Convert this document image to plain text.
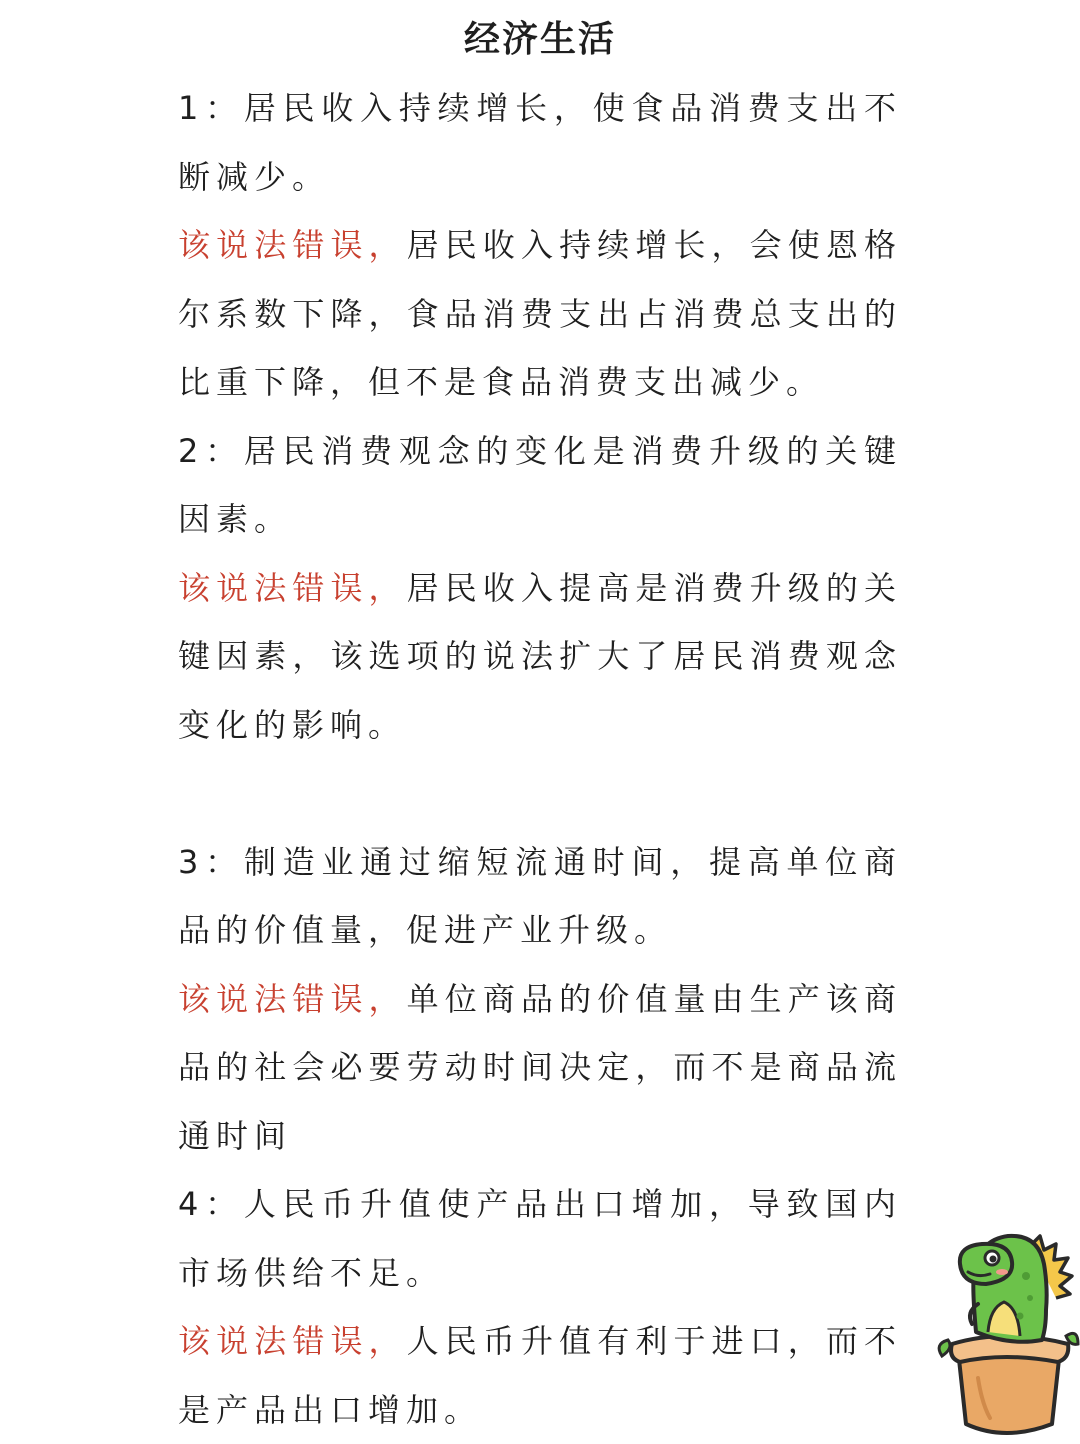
经济生活

1：居民收入持续增长，使食品消费支出不断减少。

该说法错误，居民收入持续增长，会使恩格尔系数下降，食品消费支出占消费总支出的比重下降，但不是食品消费支出减少。

2：居民消费观念的变化是消费升级的关键因素。

该说法错误，居民收入提高是消费升级的关键因素，该选项的说法扩大了居民消费观念变化的影响。

3：制造业通过缩短流通时间，提高单位商品的价值量，促进产业升级。

该说法错误，单位商品的价值量由生产该商品的社会必要劳动时间决定，而不是商品流通时间

4：人民币升值使产品出口增加，导致国内市场供给不足。

该说法错误，人民币升值有利于进口，而不是产品出口增加。
